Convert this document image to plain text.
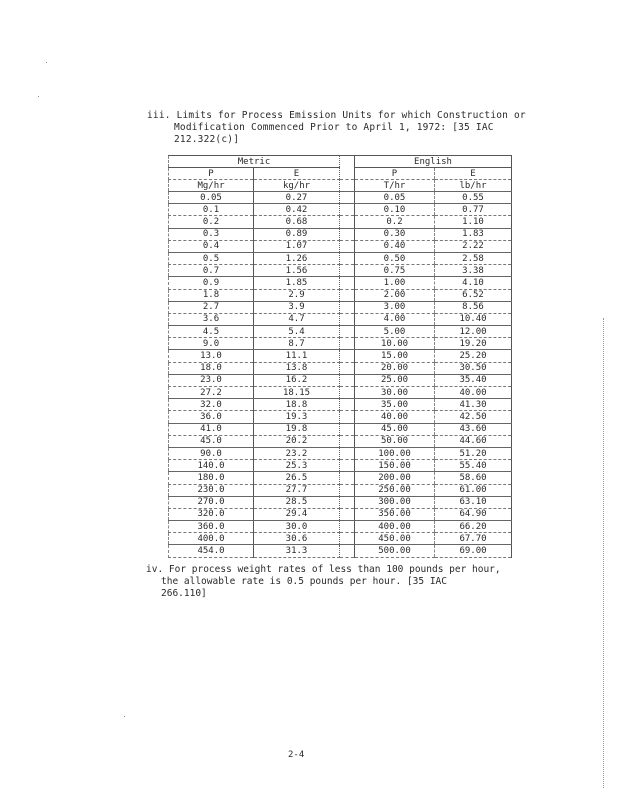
iii. Limits for Process Emission Units for which Construction or
Modification Commenced Prior to April 1, 1972: [35 IAC
212.322(c)]
Metric			English	
P	E		P	E
Mg/hr	kg/hr		T/hr	lb/hr
0.05	0.27		0.05	0.55
0.1	0.42		0.10	0.77
0.2	0.68		0.2	1.10
0.3	0.89		0.30	1.83
0.4	1.07		0.40	2.22
0.5	1.26		0.50	2.58
0.7	1.56		0.75	3.38
0.9	1.85		1.00	4.10
1.8	2.9		2.00	6.52
2.7	3.9		3.00	8.56
3.6	4.7		4.00	10.40
4.5	5.4		5.00	12.00
9.0	8.7		10.00	19.20
13.0	11.1		15.00	25.20
18.0	13.8		20.00	30.50
23.0	16.2		25.00	35.40
27.2	18.15		30.00	40.00
32.0	18.8		35.00	41.30
36.0	19.3		40.00	42.50
41.0	19.8		45.00	43.60
45.0	20.2		50.00	44.60
90.0	23.2		100.00	51.20
140.0	25.3		150.00	55.40
180.0	26.5		200.00	58.60
230.0	27.7		250.00	61.00
270.0	28.5		300.00	63.10
320.0	29.4		350.00	64.90
360.0	30.0		400.00	66.20
400.0	30.6		450.00	67.70
454.0	31.3		500.00	69.00
iv. For process weight rates of less than 100 pounds per hour,
the allowable rate is 0.5 pounds per hour. [35 IAC
266.110]
2-4
